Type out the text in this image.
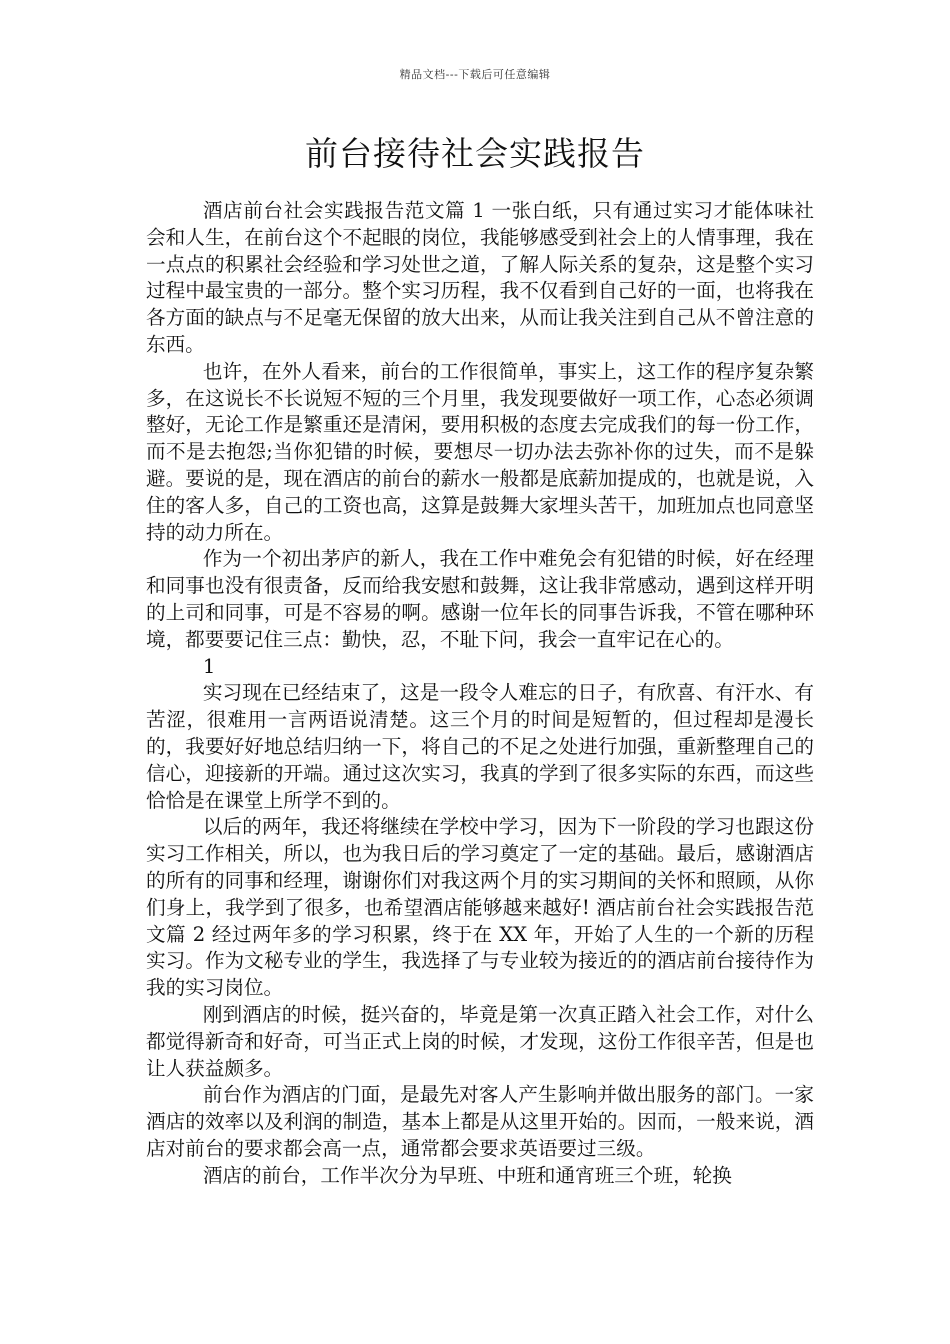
精品文档---下载后可任意编辑
前台接待社会实践报告

酒店前台社会实践报告范文篇 1 一张白纸，只有通过实习才能体味社会和人生，在前台这个不起眼的岗位，我能够感受到社会上的人情事理，我在一点点的积累社会经验和学习处世之道，了解人际关系的复杂，这是整个实习过程中最宝贵的一部分。整个实习历程，我不仅看到自己好的一面，也将我在各方面的缺点与不足毫无保留的放大出来，从而让我关注到自己从不曾注意的东西。

也许，在外人看来，前台的工作很简单，事实上，这工作的程序复杂繁多，在这说长不长说短不短的三个月里，我发现要做好一项工作，心态必须调整好，无论工作是繁重还是清闲，要用积极的态度去完成我们的每一份工作，而不是去抱怨;当你犯错的时候，要想尽一切办法去弥补你的过失，而不是躲避。要说的是，现在酒店的前台的薪水一般都是底薪加提成的，也就是说，入住的客人多，自己的工资也高，这算是鼓舞大家埋头苦干，加班加点也同意坚持的动力所在。

作为一个初出茅庐的新人，我在工作中难免会有犯错的时候，好在经理和同事也没有很责备，反而给我安慰和鼓舞，这让我非常感动，遇到这样开明的上司和同事，可是不容易的啊。感谢一位年长的同事告诉我，不管在哪种环境，都要要记住三点：勤快，忍，不耻下问，我会一直牢记在心的。

1

实习现在已经结束了，这是一段令人难忘的日子，有欣喜、有汗水、有苦涩，很难用一言两语说清楚。这三个月的时间是短暂的，但过程却是漫长的，我要好好地总结归纳一下，将自己的不足之处进行加强，重新整理自己的信心，迎接新的开端。通过这次实习，我真的学到了很多实际的东西，而这些恰恰是在课堂上所学不到的。

以后的两年，我还将继续在学校中学习，因为下一阶段的学习也跟这份实习工作相关，所以，也为我日后的学习奠定了一定的基础。最后，感谢酒店的所有的同事和经理，谢谢你们对我这两个月的实习期间的关怀和照顾，从你们身上，我学到了很多，也希望酒店能够越来越好! 酒店前台社会实践报告范文篇 2 经过两年多的学习积累，终于在 XX 年，开始了人生的一个新的历程 实习。作为文秘专业的学生，我选择了与专业较为接近的的酒店前台接待作为我的实习岗位。

刚到酒店的时候，挺兴奋的，毕竟是第一次真正踏入社会工作，对什么都觉得新奇和好奇，可当正式上岗的时候，才发现，这份工作很辛苦，但是也让人获益颇多。

前台作为酒店的门面，是最先对客人产生影响并做出服务的部门。一家酒店的效率以及利润的制造，基本上都是从这里开始的。因而，一般来说，酒店对前台的要求都会高一点，通常都会要求英语要过三级。

酒店的前台，工作半次分为早班、中班和通宵班三个班，轮换
